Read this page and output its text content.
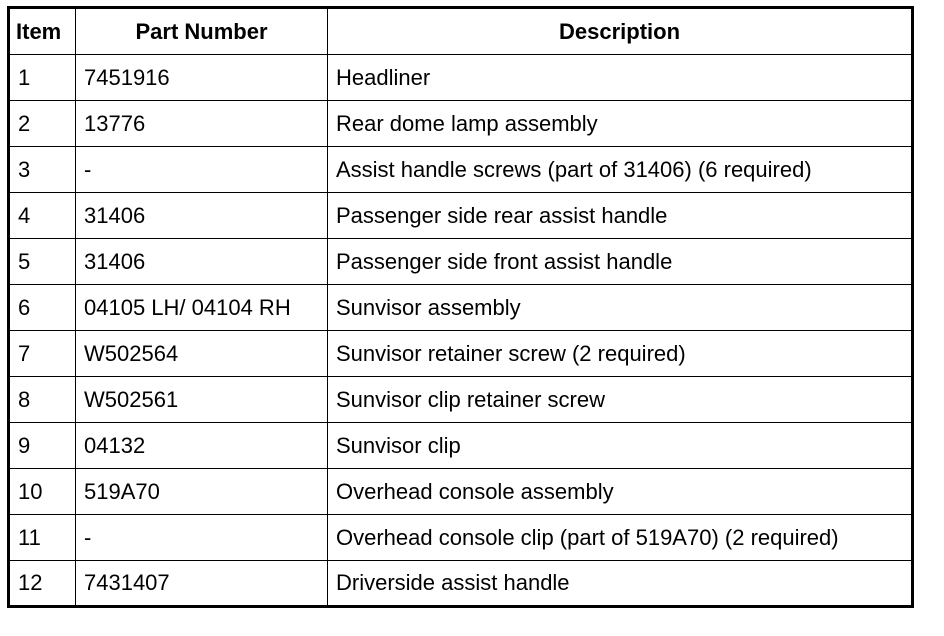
Item	Part Number	Description
1	7451916	Headliner
2	13776	Rear dome lamp assembly
3	-	Assist handle screws (part of 31406) (6 required)
4	31406	Passenger side rear assist handle
5	31406	Passenger side front assist handle
6	04105 LH/ 04104 RH	Sunvisor assembly
7	W502564	Sunvisor retainer screw (2 required)
8	W502561	Sunvisor clip retainer screw
9	04132	Sunvisor clip
10	519A70	Overhead console assembly
11	-	Overhead console clip (part of 519A70) (2 required)
12	7431407	Driverside assist handle
